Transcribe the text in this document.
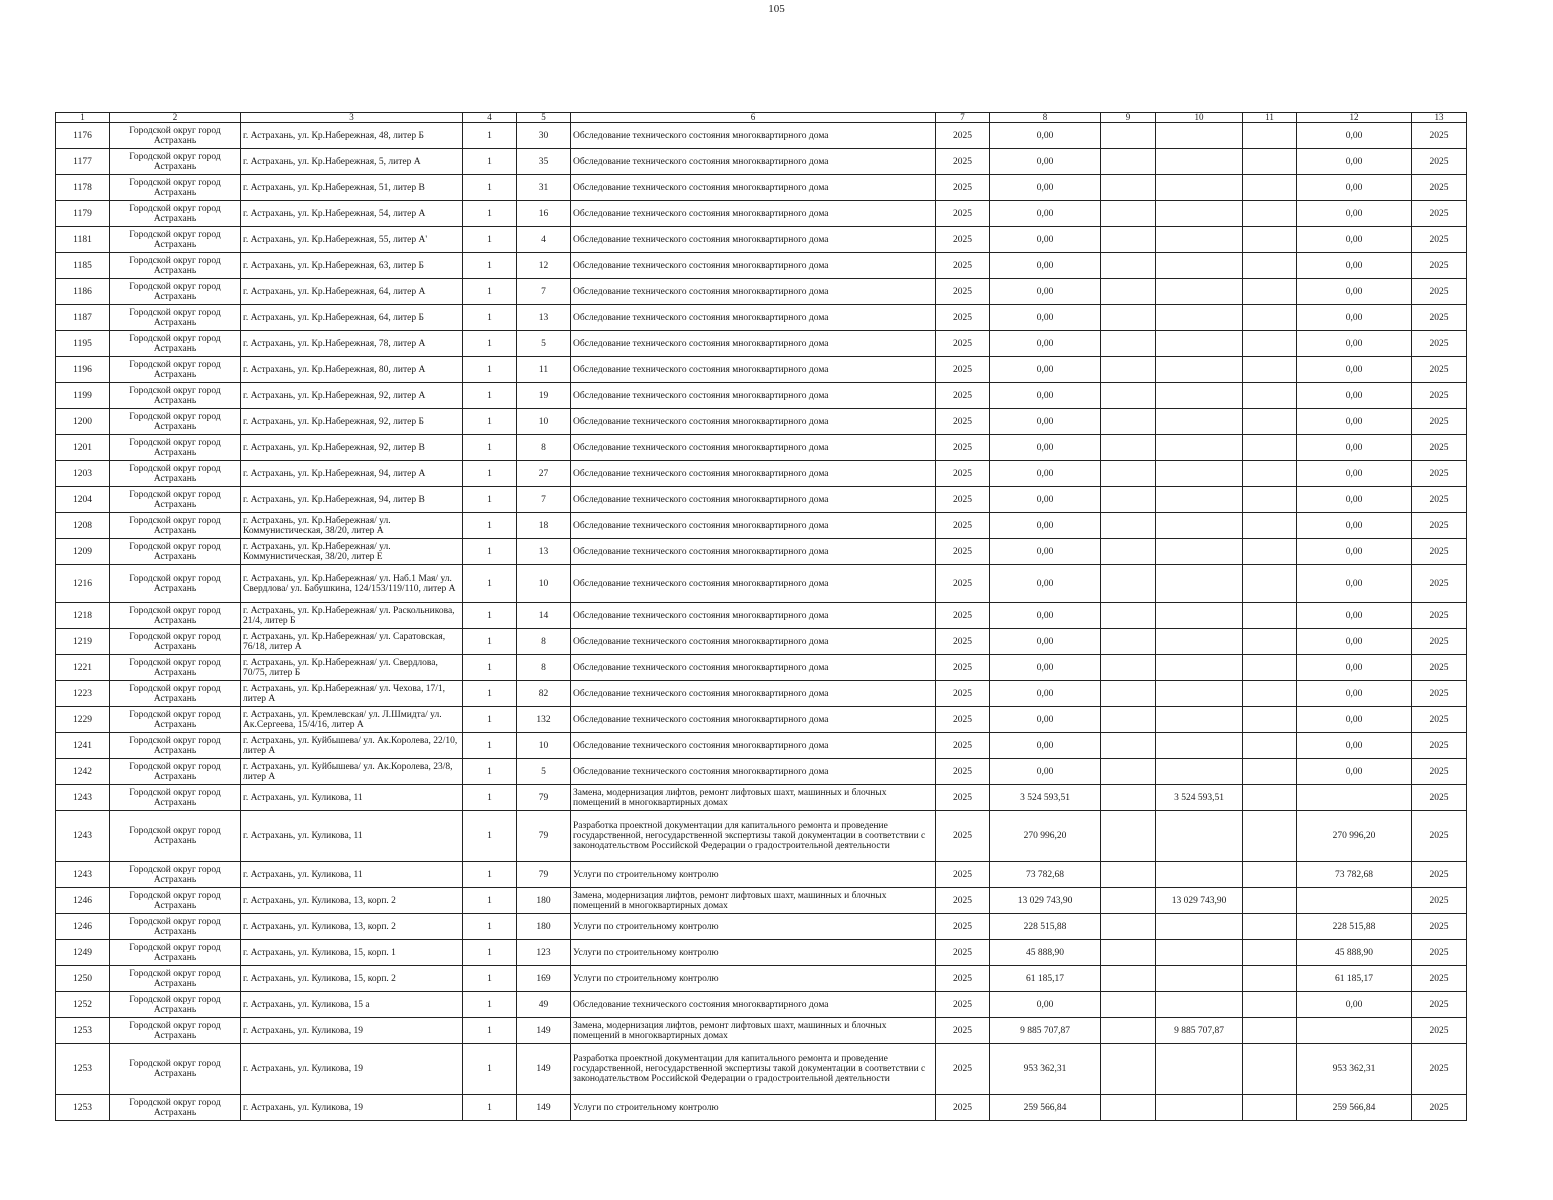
105
1	2	3	4	5	6	7	8	9	10	11	12	13
1176	Городской округ город Астрахань	г. Астрахань, ул. Кр.Набережная, 48, литер Б	1	30	Обследование технического состояния многоквартирного дома	2025	0,00				0,00	2025
1177	Городской округ город Астрахань	г. Астрахань, ул. Кр.Набережная, 5, литер А	1	35	Обследование технического состояния многоквартирного дома	2025	0,00				0,00	2025
1178	Городской округ город Астрахань	г. Астрахань, ул. Кр.Набережная, 51, литер В	1	31	Обследование технического состояния многоквартирного дома	2025	0,00				0,00	2025
1179	Городской округ город Астрахань	г. Астрахань, ул. Кр.Набережная, 54, литер А	1	16	Обследование технического состояния многоквартирного дома	2025	0,00				0,00	2025
1181	Городской округ город Астрахань	г. Астрахань, ул. Кр.Набережная, 55, литер А'	1	4	Обследование технического состояния многоквартирного дома	2025	0,00				0,00	2025
1185	Городской округ город Астрахань	г. Астрахань, ул. Кр.Набережная, 63, литер Б	1	12	Обследование технического состояния многоквартирного дома	2025	0,00				0,00	2025
1186	Городской округ город Астрахань	г. Астрахань, ул. Кр.Набережная, 64, литер А	1	7	Обследование технического состояния многоквартирного дома	2025	0,00				0,00	2025
1187	Городской округ город Астрахань	г. Астрахань, ул. Кр.Набережная, 64, литер Б	1	13	Обследование технического состояния многоквартирного дома	2025	0,00				0,00	2025
1195	Городской округ город Астрахань	г. Астрахань, ул. Кр.Набережная, 78, литер А	1	5	Обследование технического состояния многоквартирного дома	2025	0,00				0,00	2025
1196	Городской округ город Астрахань	г. Астрахань, ул. Кр.Набережная, 80, литер А	1	11	Обследование технического состояния многоквартирного дома	2025	0,00				0,00	2025
1199	Городской округ город Астрахань	г. Астрахань, ул. Кр.Набережная, 92, литер А	1	19	Обследование технического состояния многоквартирного дома	2025	0,00				0,00	2025
1200	Городской округ город Астрахань	г. Астрахань, ул. Кр.Набережная, 92, литер Б	1	10	Обследование технического состояния многоквартирного дома	2025	0,00				0,00	2025
1201	Городской округ город Астрахань	г. Астрахань, ул. Кр.Набережная, 92, литер В	1	8	Обследование технического состояния многоквартирного дома	2025	0,00				0,00	2025
1203	Городской округ город Астрахань	г. Астрахань, ул. Кр.Набережная, 94, литер А	1	27	Обследование технического состояния многоквартирного дома	2025	0,00				0,00	2025
1204	Городской округ город Астрахань	г. Астрахань, ул. Кр.Набережная, 94, литер В	1	7	Обследование технического состояния многоквартирного дома	2025	0,00				0,00	2025
1208	Городской округ город Астрахань	г. Астрахань, ул. Кр.Набережная/ ул. Коммунистическая, 38/20, литер А	1	18	Обследование технического состояния многоквартирного дома	2025	0,00				0,00	2025
1209	Городской округ город Астрахань	г. Астрахань, ул. Кр.Набережная/ ул. Коммунистическая, 38/20, литер Е	1	13	Обследование технического состояния многоквартирного дома	2025	0,00				0,00	2025
1216	Городской округ город Астрахань	г. Астрахань, ул. Кр.Набережная/ ул. Наб.1 Мая/ ул. Свердлова/ ул. Бабушкина, 124/153/119/110, литер А	1	10	Обследование технического состояния многоквартирного дома	2025	0,00				0,00	2025
1218	Городской округ город Астрахань	г. Астрахань, ул. Кр.Набережная/ ул. Раскольникова, 21/4, литер Б	1	14	Обследование технического состояния многоквартирного дома	2025	0,00				0,00	2025
1219	Городской округ город Астрахань	г. Астрахань, ул. Кр.Набережная/ ул. Саратовская, 76/18, литер А	1	8	Обследование технического состояния многоквартирного дома	2025	0,00				0,00	2025
1221	Городской округ город Астрахань	г. Астрахань, ул. Кр.Набережная/ ул. Свердлова, 70/75, литер Б	1	8	Обследование технического состояния многоквартирного дома	2025	0,00				0,00	2025
1223	Городской округ город Астрахань	г. Астрахань, ул. Кр.Набережная/ ул. Чехова, 17/1, литер А	1	82	Обследование технического состояния многоквартирного дома	2025	0,00				0,00	2025
1229	Городской округ город Астрахань	г. Астрахань, ул. Кремлевская/ ул. Л.Шмидта/ ул. Ак.Сергеева, 15/4/16, литер А	1	132	Обследование технического состояния многоквартирного дома	2025	0,00				0,00	2025
1241	Городской округ город Астрахань	г. Астрахань, ул. Куйбышева/ ул. Ак.Королева, 22/10, литер А	1	10	Обследование технического состояния многоквартирного дома	2025	0,00				0,00	2025
1242	Городской округ город Астрахань	г. Астрахань, ул. Куйбышева/ ул. Ак.Королева, 23/8, литер А	1	5	Обследование технического состояния многоквартирного дома	2025	0,00				0,00	2025
1243	Городской округ город Астрахань	г. Астрахань, ул. Куликова, 11	1	79	Замена, модернизация лифтов, ремонт лифтовых шахт, машинных и блочных помещений в многоквартирных домах	2025	3 524 593,51		3 524 593,51			2025
1243	Городской округ город Астрахань	г. Астрахань, ул. Куликова, 11	1	79	Разработка проектной документации для капитального ремонта и проведение государственной, негосударственной экспертизы такой документации в соответствии с законодательством Российской Федерации о градостроительной деятельности	2025	270 996,20				270 996,20	2025
1243	Городской округ город Астрахань	г. Астрахань, ул. Куликова, 11	1	79	Услуги по строительному контролю	2025	73 782,68				73 782,68	2025
1246	Городской округ город Астрахань	г. Астрахань, ул. Куликова, 13, корп. 2	1	180	Замена, модернизация лифтов, ремонт лифтовых шахт, машинных и блочных помещений в многоквартирных домах	2025	13 029 743,90		13 029 743,90			2025
1246	Городской округ город Астрахань	г. Астрахань, ул. Куликова, 13, корп. 2	1	180	Услуги по строительному контролю	2025	228 515,88				228 515,88	2025
1249	Городской округ город Астрахань	г. Астрахань, ул. Куликова, 15, корп. 1	1	123	Услуги по строительному контролю	2025	45 888,90				45 888,90	2025
1250	Городской округ город Астрахань	г. Астрахань, ул. Куликова, 15, корп. 2	1	169	Услуги по строительному контролю	2025	61 185,17				61 185,17	2025
1252	Городской округ город Астрахань	г. Астрахань, ул. Куликова, 15 а	1	49	Обследование технического состояния многоквартирного дома	2025	0,00				0,00	2025
1253	Городской округ город Астрахань	г. Астрахань, ул. Куликова, 19	1	149	Замена, модернизация лифтов, ремонт лифтовых шахт, машинных и блочных помещений в многоквартирных домах	2025	9 885 707,87		9 885 707,87			2025
1253	Городской округ город Астрахань	г. Астрахань, ул. Куликова, 19	1	149	Разработка проектной документации для капитального ремонта и проведение государственной, негосударственной экспертизы такой документации в соответствии с законодательством Российской Федерации о градостроительной деятельности	2025	953 362,31				953 362,31	2025
1253	Городской округ город Астрахань	г. Астрахань, ул. Куликова, 19	1	149	Услуги по строительному контролю	2025	259 566,84				259 566,84	2025
